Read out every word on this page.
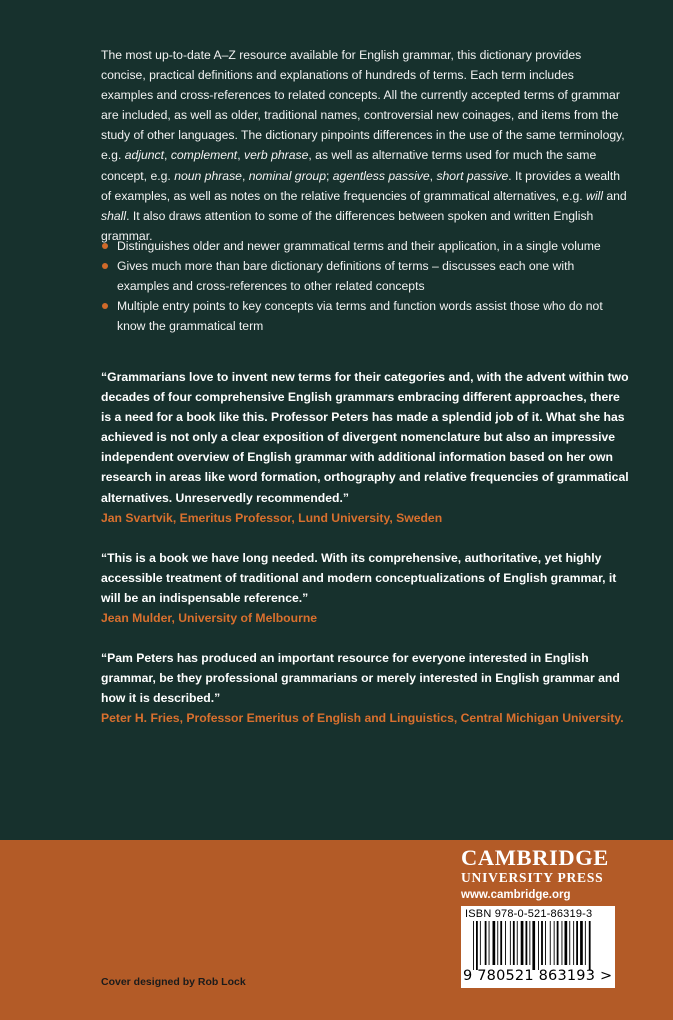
The most up-to-date A–Z resource available for English grammar, this dictionary provides concise, practical definitions and explanations of hundreds of terms. Each term includes examples and cross-references to related concepts. All the currently accepted terms of grammar are included, as well as older, traditional names, controversial new coinages, and items from the study of other languages. The dictionary pinpoints differences in the use of the same terminology, e.g. adjunct, complement, verb phrase, as well as alternative terms used for much the same concept, e.g. noun phrase, nominal group; agentless passive, short passive. It provides a wealth of examples, as well as notes on the relative frequencies of grammatical alternatives, e.g. will and shall. It also draws attention to some of the differences between spoken and written English grammar.

Distinguishes older and newer grammatical terms and their application, in a single volume
Gives much more than bare dictionary definitions of terms – discusses each one with examples and cross-references to other related concepts
Multiple entry points to key concepts via terms and function words assist those who do not know the grammatical term

“Grammarians love to invent new terms for their categories and, with the advent within two decades of four comprehensive English grammars embracing different approaches, there is a need for a book like this. Professor Peters has made a splendid job of it. What she has achieved is not only a clear exposition of divergent nomenclature but also an impressive independent overview of English grammar with additional information based on her own research in areas like word formation, orthography and relative frequencies of grammatical alternatives. Unreservedly recommended.”

Jan Svartvik, Emeritus Professor, Lund University, Sweden

“This is a book we have long needed. With its comprehensive, authoritative, yet highly accessible treatment of traditional and modern conceptualizations of English grammar, it will be an indispensable reference.”

Jean Mulder, University of Melbourne

“Pam Peters has produced an important resource for everyone interested in English grammar, be they professional grammarians or merely interested in English grammar and how it is described.”

Peter H. Fries, Professor Emeritus of English and Linguistics, Central Michigan University.

CAMBRIDGE
UNIVERSITY PRESS
www.cambridge.org
ISBN 978-0-521-86319-3
9 780521 863193 >
Cover designed by Rob Lock
